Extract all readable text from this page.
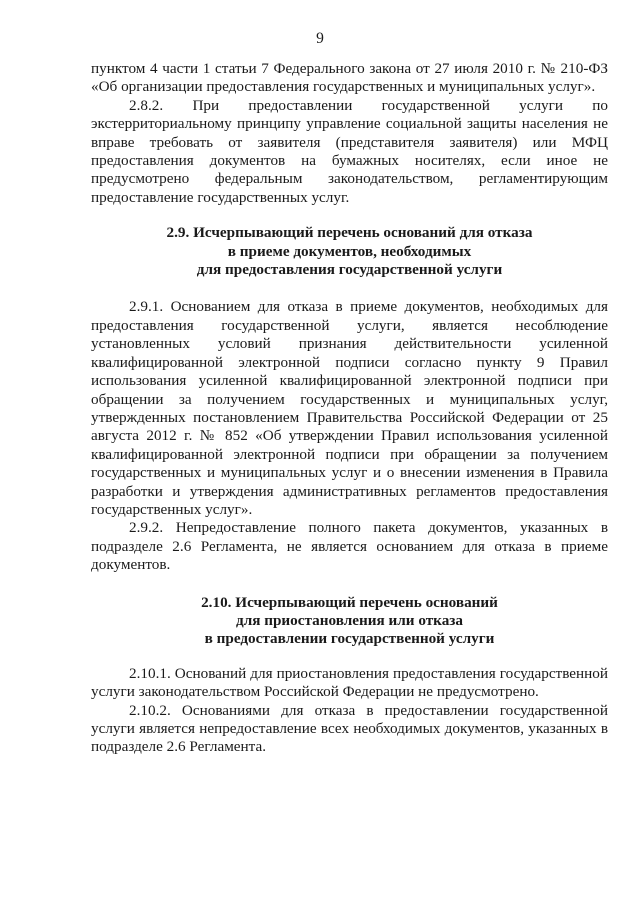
9

пунктом 4 части 1 статьи 7 Федерального закона от 27 июля 2010 г. № 210-ФЗ «Об организации предоставления государственных и муниципальных услуг».

2.8.2. При предоставлении государственной услуги по экстерриториальному принципу управление социальной защиты населения не вправе требовать от заявителя (представителя заявителя) или МФЦ предоставления документов на бумажных носителях, если иное не предусмотрено федеральным законодательством, регламентирующим предоставление государственных услуг.

2.9. Исчерпывающий перечень оснований для отказа
в приеме документов, необходимых
для предоставления государственной услуги

2.9.1. Основанием для отказа в приеме документов, необходимых для предоставления государственной услуги, является несоблюдение установленных условий признания действительности усиленной квалифицированной электронной подписи согласно пункту 9 Правил использования усиленной квалифицированной электронной подписи при обращении за получением государственных и муниципальных услуг, утвержденных постановлением Правительства Российской Федерации от 25 августа 2012 г. № 852 «Об утверждении Правил использования усиленной квалифицированной электронной подписи при обращении за получением государственных и муниципальных услуг и о внесении изменения в Правила разработки и утверждения административных регламентов предоставления государственных услуг».

2.9.2. Непредоставление полного пакета документов, указанных в подразделе 2.6 Регламента, не является основанием для отказа в приеме документов.

2.10. Исчерпывающий перечень оснований
для приостановления или отказа
в предоставлении государственной услуги

2.10.1. Оснований для приостановления предоставления государственной услуги законодательством Российской Федерации не предусмотрено.

2.10.2. Основаниями для отказа в предоставлении государственной услуги является непредоставление всех необходимых документов, указанных в подразделе 2.6 Регламента.
